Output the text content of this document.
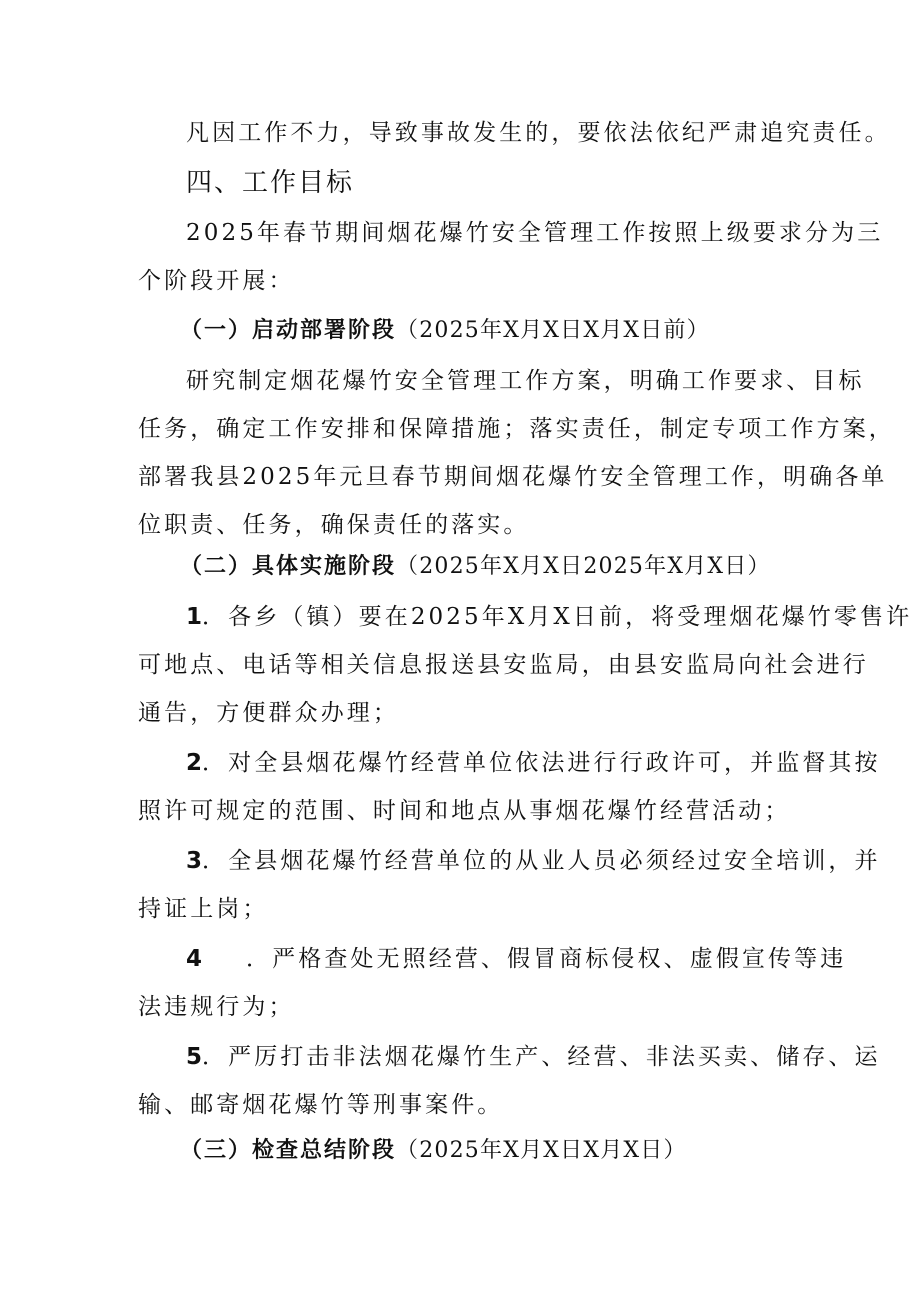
凡因工作不力，导致事故发生的，要依法依纪严肃追究责任。
四、工作目标
2025年春节期间烟花爆竹安全管理工作按照上级要求分为三
个阶段开展：
（一）启动部署阶段（2025年X月X日X月X日前）
研究制定烟花爆竹安全管理工作方案，明确工作要求、目标
任务，确定工作安排和保障措施；落实责任，制定专项工作方案，
部署我县2025年元旦春节期间烟花爆竹安全管理工作，明确各单
位职责、任务，确保责任的落实。
（二）具体实施阶段（2025年X月X日2025年X月X日）
1．各乡（镇）要在2025年X月X日前，将受理烟花爆竹零售许
可地点、电话等相关信息报送县安监局，由县安监局向社会进行
通告，方便群众办理；
2．对全县烟花爆竹经营单位依法进行行政许可，并监督其按
照许可规定的范围、时间和地点从事烟花爆竹经营活动；
3．全县烟花爆竹经营单位的从业人员必须经过安全培训，并
持证上岗；
4 ．严格查处无照经营、假冒商标侵权、虚假宣传等违
法违规行为；
5．严厉打击非法烟花爆竹生产、经营、非法买卖、储存、运
输、邮寄烟花爆竹等刑事案件。
（三）检查总结阶段（2025年X月X日X月X日）
